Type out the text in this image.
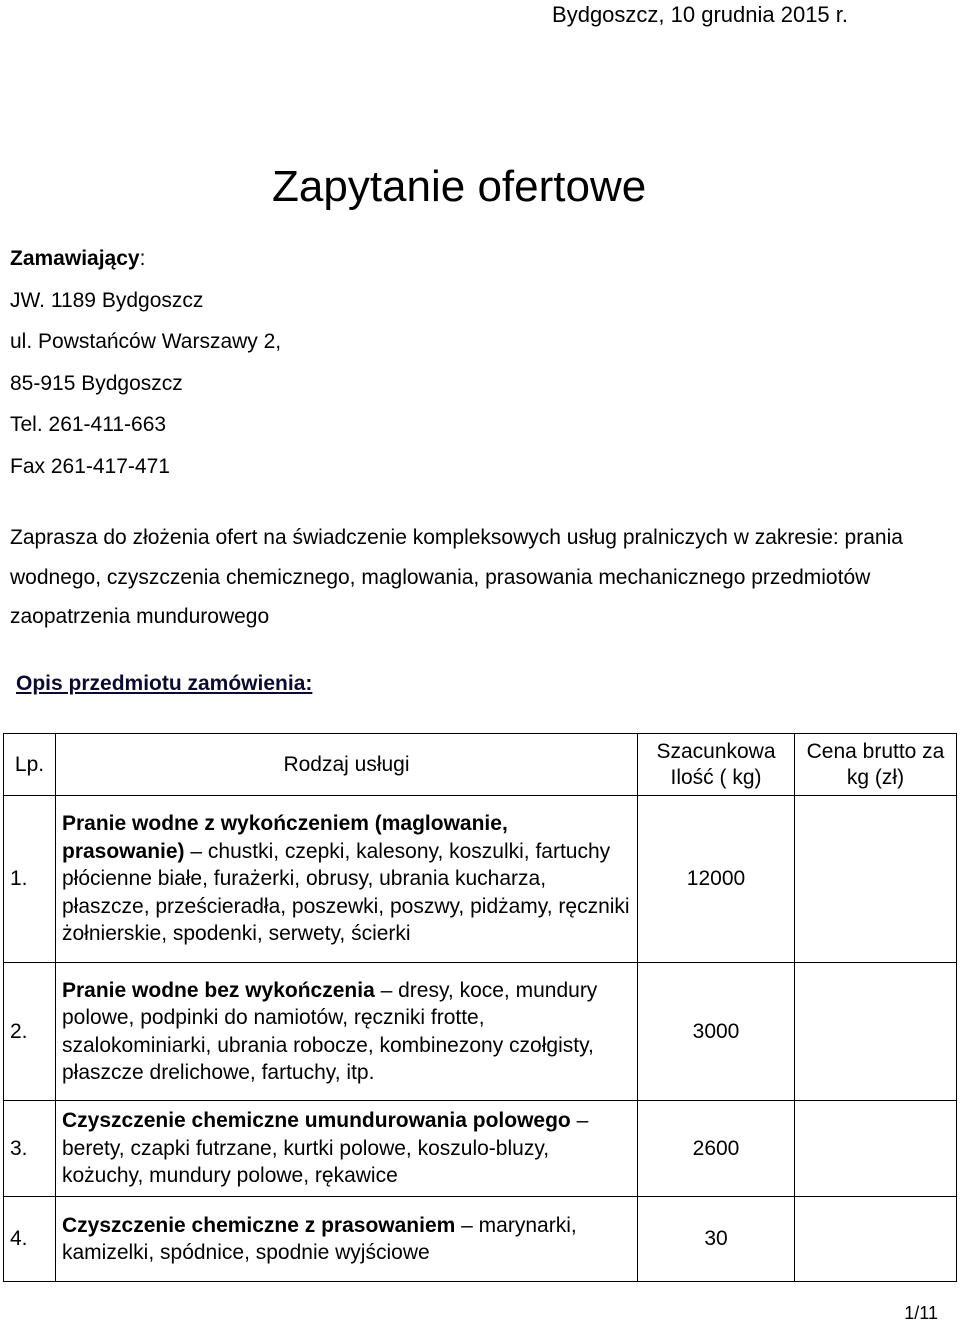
Bydgoszcz, 10 grudnia 2015 r.
Zapytanie ofertowe
Zamawiający:
JW. 1189 Bydgoszcz
ul. Powstańców Warszawy 2,
85-915 Bydgoszcz
Tel. 261-411-663
Fax 261-417-471
Zaprasza do złożenia ofert na świadczenie kompleksowych usług pralniczych w zakresie: prania wodnego, czyszczenia chemicznego, maglowania, prasowania mechanicznego przedmiotów zaopatrzenia mundurowego
Opis przedmiotu zamówienia:
Lp.	Rodzaj usługi	Szacunkowa Ilość ( kg)	Cena brutto za kg (zł)
1.	Pranie wodne z wykończeniem (maglowanie, prasowanie) – chustki, czepki, kalesony, koszulki, fartuchy płócienne białe, furażerki, obrusy, ubrania kucharza, płaszcze, prześcieradła, poszewki, poszwy, pidżamy, ręczniki żołnierskie, spodenki, serwety, ścierki	12000	
2.	Pranie wodne bez wykończenia – dresy, koce, mundury polowe, podpinki do namiotów, ręczniki frotte, szalokominiarki, ubrania robocze, kombinezony czołgisty, płaszcze drelichowe, fartuchy, itp.	3000	
3.	Czyszczenie chemiczne umundurowania polowego – berety, czapki futrzane, kurtki polowe, koszulo-bluzy, kożuchy, mundury polowe, rękawice	2600	
4.	Czyszczenie chemiczne z prasowaniem – marynarki, kamizelki, spódnice, spodnie wyjściowe	30	
1/11
